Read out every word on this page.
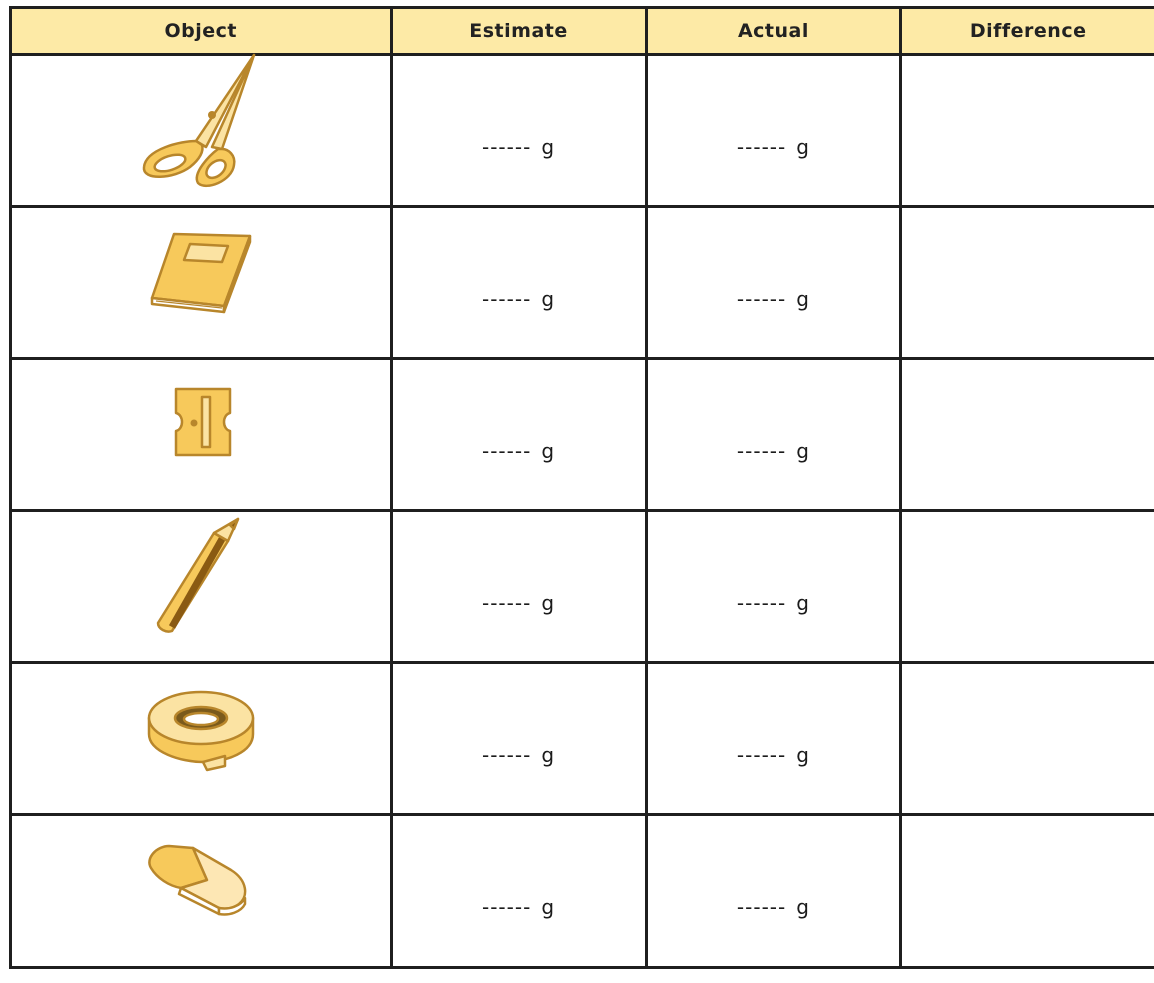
Object	Estimate	Actual	Difference

------ g	------ g	

------ g	------ g	

------ g	------ g	

------ g	------ g	

------ g	------ g	

------ g	------ g	
